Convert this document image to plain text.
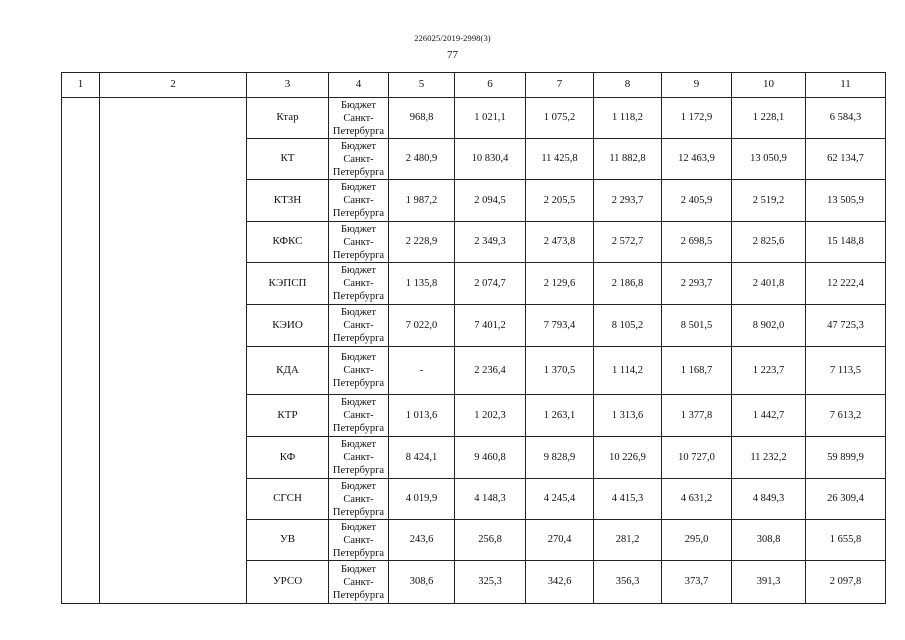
226025/2019-2998(3)
77
1	2	3	4	5	6	7	8	9	10	11
		Ктар	Бюджет
Санкт-
Петербурга	968,8	1 021,1	1 075,2	1 118,2	1 172,9	1 228,1	6 584,3
		КТ	Бюджет
Санкт-
Петербурга	2 480,9	10 830,4	11 425,8	11 882,8	12 463,9	13 050,9	62 134,7
		КТЗН	Бюджет
Санкт-
Петербурга	1 987,2	2 094,5	2 205,5	2 293,7	2 405,9	2 519,2	13 505,9
		КФКС	Бюджет
Санкт-
Петербурга	2 228,9	2 349,3	2 473,8	2 572,7	2 698,5	2 825,6	15 148,8
		КЭПСП	Бюджет
Санкт-
Петербурга	1 135,8	2 074,7	2 129,6	2 186,8	2 293,7	2 401,8	12 222,4
		КЭИО	Бюджет
Санкт-
Петербурга	7 022,0	7 401,2	7 793,4	8 105,2	8 501,5	8 902,0	47 725,3
		КДА	Бюджет
Санкт-
Петербурга	-	2 236,4	1 370,5	1 114,2	1 168,7	1 223,7	7 113,5
		КТР	Бюджет
Санкт-
Петербурга	1 013,6	1 202,3	1 263,1	1 313,6	1 377,8	1 442,7	7 613,2
		КФ	Бюджет
Санкт-
Петербурга	8 424,1	9 460,8	9 828,9	10 226,9	10 727,0	11 232,2	59 899,9
		СГСН	Бюджет
Санкт-
Петербурга	4 019,9	4 148,3	4 245,4	4 415,3	4 631,2	4 849,3	26 309,4
		УВ	Бюджет
Санкт-
Петербурга	243,6	256,8	270,4	281,2	295,0	308,8	1 655,8
		УРСО	Бюджет
Санкт-
Петербурга	308,6	325,3	342,6	356,3	373,7	391,3	2 097,8
